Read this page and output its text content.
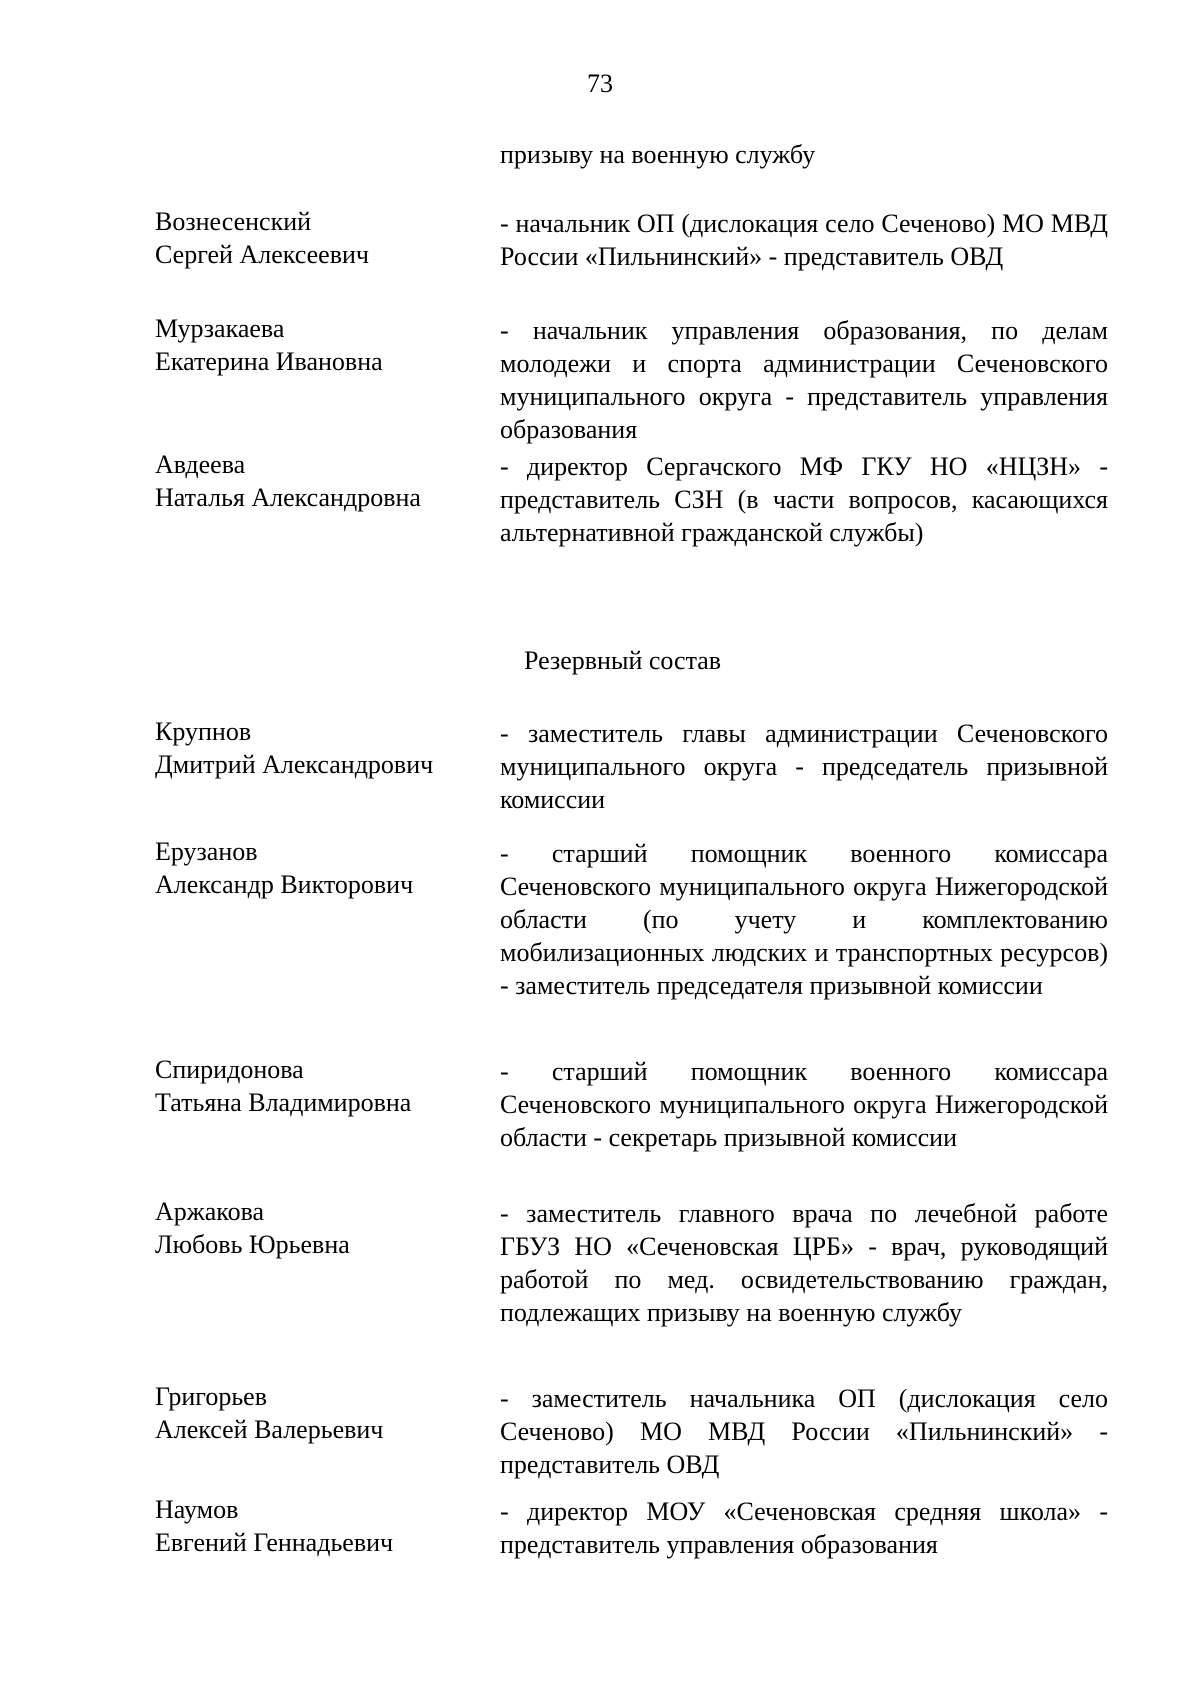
73
призыву на военную службу
Вознесенский
Сергей Алексеевич
- начальник ОП (дислокация село Сеченово) МО МВД России «Пильнинский» - представитель ОВД
Мурзакаева
Екатерина Ивановна
- начальник управления образования, по делам молодежи и спорта администрации Сеченовского муниципального округа - представитель управления образования
Авдеева
Наталья Александровна
- директор Сергачского МФ ГКУ НО «НЦЗН» - представитель СЗН (в части вопросов, касающихся альтернативной гражданской службы)
Резервный состав
Крупнов
Дмитрий Александрович
- заместитель главы администрации Сеченовского муниципального округа - председатель призывной комиссии
Ерузанов
Александр Викторович
- старший помощник военного комиссара Сеченовского муниципального округа Нижегородской области (по учету и комплектованию мобилизационных людских и транспортных ресурсов) - заместитель председателя призывной комиссии
Спиридонова
Татьяна Владимировна
- старший помощник военного комиссара Сеченовского муниципального округа Нижегородской области - секретарь призывной комиссии
Аржакова
Любовь Юрьевна
- заместитель главного врача по лечебной работе ГБУЗ НО «Сеченовская ЦРБ» - врач, руководящий работой по мед. освидетельствованию граждан, подлежащих призыву на военную службу
Григорьев
Алексей Валерьевич
- заместитель начальника ОП (дислокация село Сеченово) МО МВД России «Пильнинский» - представитель ОВД
Наумов
Евгений Геннадьевич
- директор МОУ «Сеченовская средняя школа» - представитель управления образования
